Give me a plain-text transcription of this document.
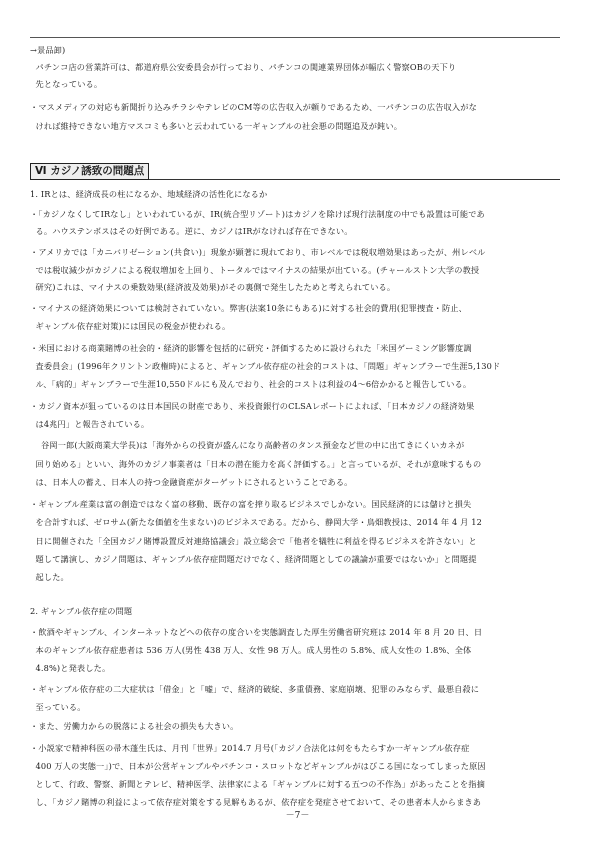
→景品卸)
パチンコ店の営業許可は、都道府県公安委員会が行っており、パチンコの関連業界団体が幅広く警察OBの天下り
先となっている。
・マスメディアの対応も新聞折り込みチラシやテレビのCM等の広告収入が頼りであるため、一パチンコの広告収入がな
ければ維持できない地方マスコミも多いと云われている一ギャンブルの社会悪の問題追及が鈍い。
Ⅵ カジノ誘致の問題点
1. IRとは、経済成長の柱になるか、地域経済の活性化になるか
・「カジノなくしてIRなし」といわれているが、IR(統合型リゾート)はカジノを除けば現行法制度の中でも設置は可能であ
る。ハウステンボスはその好例である。逆に、カジノはIRがなければ存在できない。
・アメリカでは「カニバリゼーション(共食い)」現象が顕著に現れており、市レベルでは税収増効果はあったが、州レベル
では税収減少がカジノによる税収増加を上回り、トータルではマイナスの結果が出ている。(チャールストン大学の教授
研究)これは、マイナスの乗数効果(経済波及効果)がその裏側で発生したためと考えられている。
・マイナスの経済効果については検討されていない。弊害(法案10条にもある)に対する社会的費用(犯罪捜査・防止、
ギャンブル依存症対策)には国民の税金が使われる。
・米国における商業賭博の社会的・経済的影響を包括的に研究・評価するために設けられた「米国ゲーミング影響度調
査委員会」(1996年クリントン政権時)によると、ギャンブル依存症の社会的コストは、「問題」ギャンブラーで生涯5,130ド
ル、「病的」ギャンブラーで生涯10,550ドルにも及んでおり、社会的コストは利益の4～6倍かかると報告している。
・カジノ資本が狙っているのは日本国民の財産であり、米投資銀行のCLSAレポートによれば、「日本カジノの経済効果
は4兆円」と報告されている。
谷岡一郎(大阪商業大学長)は「海外からの投資が盛んになり高齢者のタンス預金など世の中に出てきにくいカネが
回り始める」といい、海外のカジノ事業者は「日本の潜在能力を高く評価する。」と言っているが、それが意味するもの
は、日本人の蓄え、日本人の持つ金融資産がターゲットにされるということである。
・ギャンブル産業は富の創造ではなく富の移動、既存の富を搾り取るビジネスでしかない。国民経済的には儲けと損失
を合計すれば、ゼロサム(新たな価値を生まない)のビジネスである。だから、静岡大学・鳥畑教授は、2014 年 4 月 12
日に開催された「全国カジノ賭博設置反対連絡協議会」設立総会で「他者を犠牲に利益を得るビジネスを許さない」と
題して講演し、カジノ問題は、ギャンブル依存症問題だけでなく、経済問題としての議論が重要ではないか」と問題提
起した。
2. ギャンブル依存症の問題
・飲酒やギャンブル、インターネットなどへの依存の度合いを実態調査した厚生労働省研究班は 2014 年 8 月 20 日、日
本のギャンブル依存症患者は 536 万人(男性 438 万人、女性 98 万人。成人男性の 5.8%、成人女性の 1.8%、全体
4.8%)と発表した。
・ギャンブル依存症の二大症状は「借金」と「嘘」で、経済的破綻、多重債務、家庭崩壊、犯罪のみならず、最悪自殺に
至っている。
・また、労働力からの脱落による社会の損失も大きい。
・小説家で精神科医の帚木蓬生氏は、月刊「世界」2014.7 月号(「カジノ合法化は何をもたらすか一ギャンブル依存症
400 万人の実態一」)で、日本が公営ギャンブルやパチンコ・スロットなどギャンブルがはびこる国になってしまった原因
として、行政、警察、新聞とテレビ、精神医学、法律家による「ギャンブルに対する五つの不作為」があったことを指摘
し、「カジノ賭博の利益によって依存症対策をする見解もあるが、依存症を発症させておいて、その患者本人からまきあ
－7－
